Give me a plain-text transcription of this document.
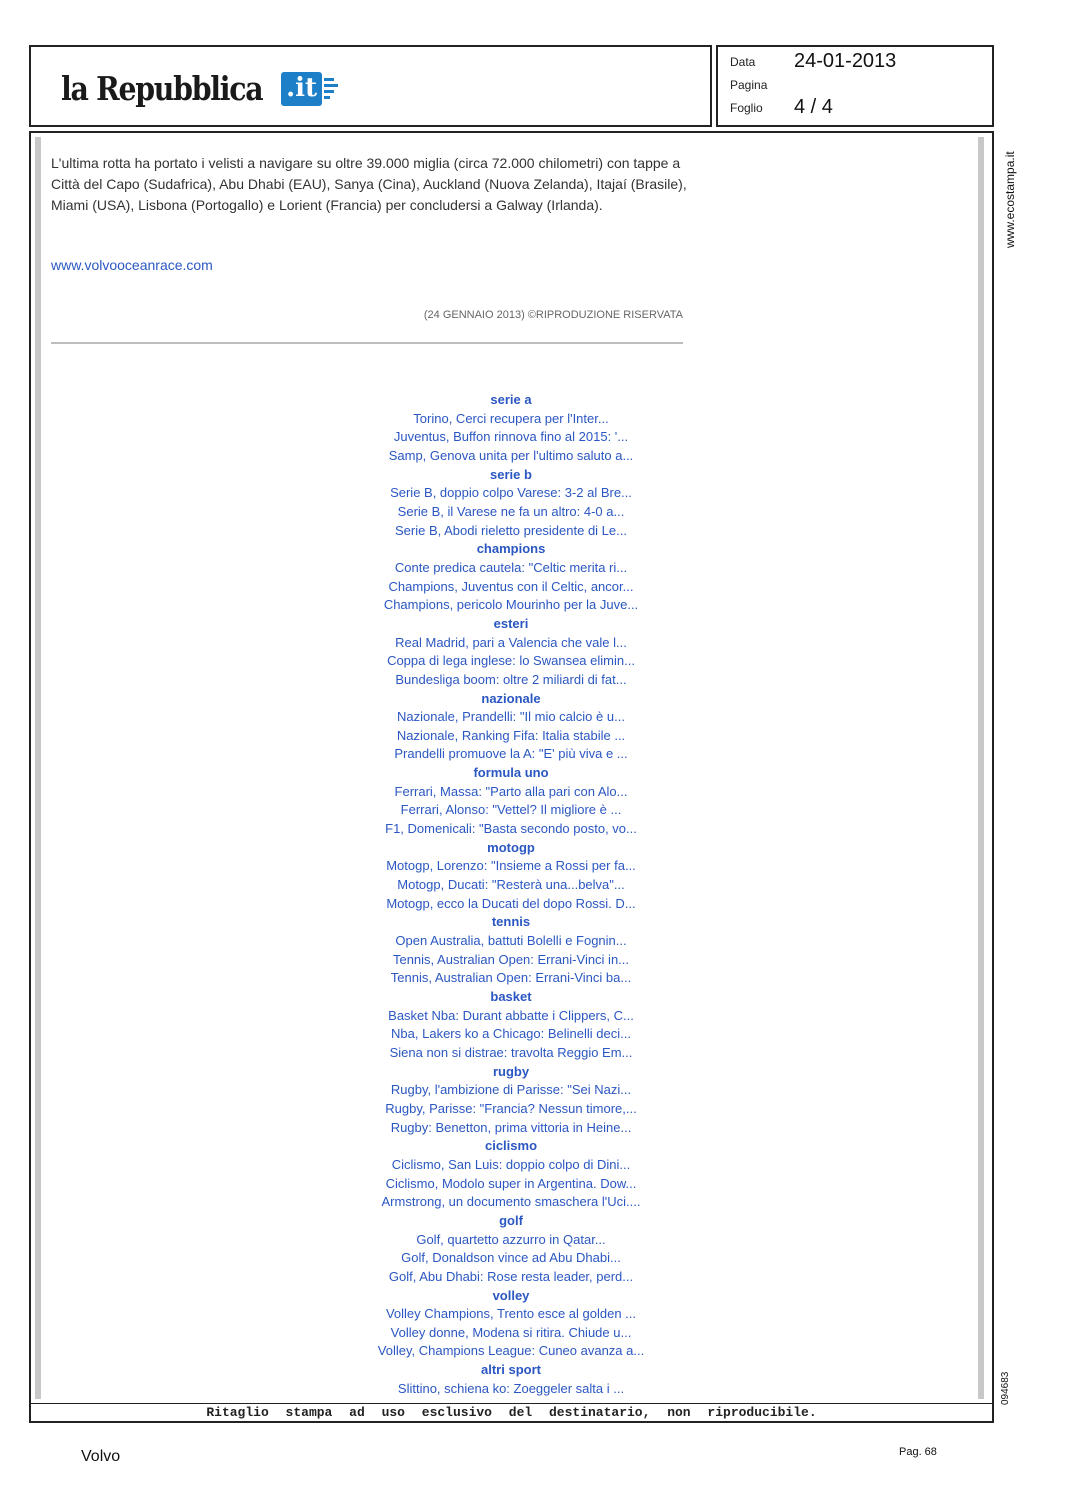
la Repubblica .it
Data 24-01-2013
Pagina
Foglio 4 / 4

L'ultima rotta ha portato i velisti a navigare su oltre 39.000 miglia (circa 72.000 chilometri) con tappe a Città del Capo (Sudafrica), Abu Dhabi (EAU), Sanya (Cina), Auckland (Nuova Zelanda), Itajaí (Brasile), Miami (USA), Lisbona (Portogallo) e Lorient (Francia) per concludersi a Galway (Irlanda).

www.volvooceanrace.com
(24 GENNAIO 2013) ©RIPRODUZIONE RISERVATA
serie a
Torino, Cerci recupera per l'Inter...
Juventus, Buffon rinnova fino al 2015: '...
Samp, Genova unita per l'ultimo saluto a...
serie b
Serie B, doppio colpo Varese: 3-2 al Bre...
Serie B, il Varese ne fa un altro: 4-0 a...
Serie B, Abodi rieletto presidente di Le...
champions
Conte predica cautela: "Celtic merita ri...
Champions, Juventus con il Celtic, ancor...
Champions, pericolo Mourinho per la Juve...
esteri
Real Madrid, pari a Valencia che vale l...
Coppa di lega inglese: lo Swansea elimin...
Bundesliga boom: oltre 2 miliardi di fat...
nazionale
Nazionale, Prandelli: "Il mio calcio è u...
Nazionale, Ranking Fifa: Italia stabile ...
Prandelli promuove la A: "E' più viva e ...
formula uno
Ferrari, Massa: "Parto alla pari con Alo...
Ferrari, Alonso: "Vettel? Il migliore è ...
F1, Domenicali: "Basta secondo posto, vo...
motogp
Motogp, Lorenzo: "Insieme a Rossi per fa...
Motogp, Ducati: "Resterà una...belva"...
Motogp, ecco la Ducati del dopo Rossi. D...
tennis
Open Australia, battuti Bolelli e Fognin...
Tennis, Australian Open: Errani-Vinci in...
Tennis, Australian Open: Errani-Vinci ba...
basket
Basket Nba: Durant abbatte i Clippers, C...
Nba, Lakers ko a Chicago: Belinelli deci...
Siena non si distrae: travolta Reggio Em...
rugby
Rugby, l'ambizione di Parisse: "Sei Nazi...
Rugby, Parisse: "Francia? Nessun timore,...
Rugby: Benetton, prima vittoria in Heine...
ciclismo
Ciclismo, San Luis: doppio colpo di Dini...
Ciclismo, Modolo super in Argentina. Dow...
Armstrong, un documento smaschera l'Uci....
golf
Golf, quartetto azzurro in Qatar...
Golf, Donaldson vince ad Abu Dhabi...
Golf, Abu Dhabi: Rose resta leader, perd...
volley
Volley Champions, Trento esce al golden ...
Volley donne, Modena si ritira. Chiude u...
Volley, Champions League: Cuneo avanza a...
altri sport
Slittino, schiena ko: Zoeggeler salta i ...
Ritaglio stampa ad uso esclusivo del destinatario, non riproducibile.
www.ecostampa.it
094683
Volvo	Pag. 68
